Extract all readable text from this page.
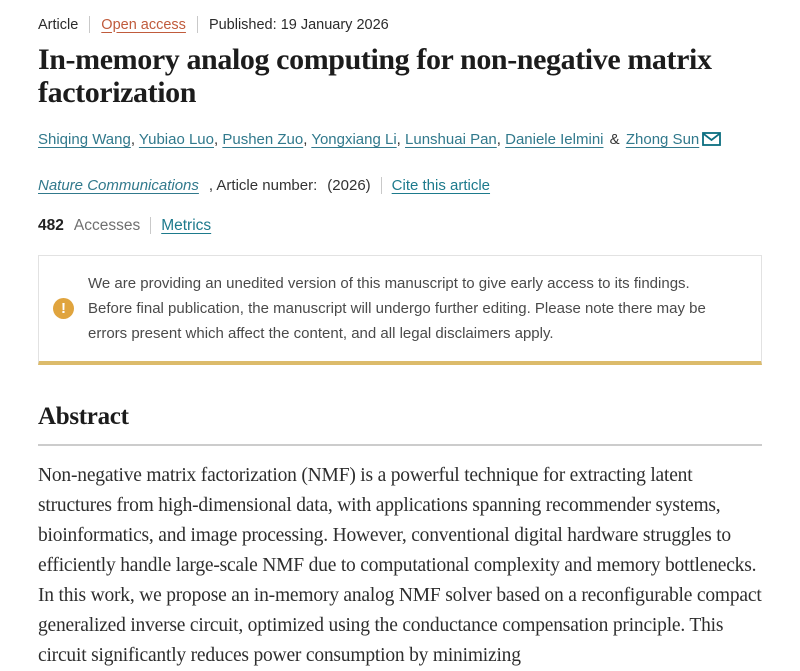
Article Open access Published: 19 January 2026
In-memory analog computing for non-negative matrix factorization
Shiqing Wang, Yubiao Luo, Pushen Zuo, Yongxiang Li, Lunshuai Pan, Daniele Ielmini & Zhong Sun
Nature Communications , Article number: (2026) Cite this article
482 Accesses Metrics
!
We are providing an unedited version of this manuscript to give early access to its findings. Before final publication, the manuscript will undergo further editing. Please note there may be errors present which affect the content, and all legal disclaimers apply.
Abstract

Non-negative matrix factorization (NMF) is a powerful technique for extracting latent structures from high-dimensional data, with applications spanning recommender systems, bioinformatics, and image processing. However, conventional digital hardware struggles to efficiently handle large-scale NMF due to computational complexity and memory bottlenecks. In this work, we propose an in-memory analog NMF solver based on a reconfigurable compact generalized inverse circuit, optimized using the conductance compensation principle. This circuit significantly reduces power consumption by minimizing
